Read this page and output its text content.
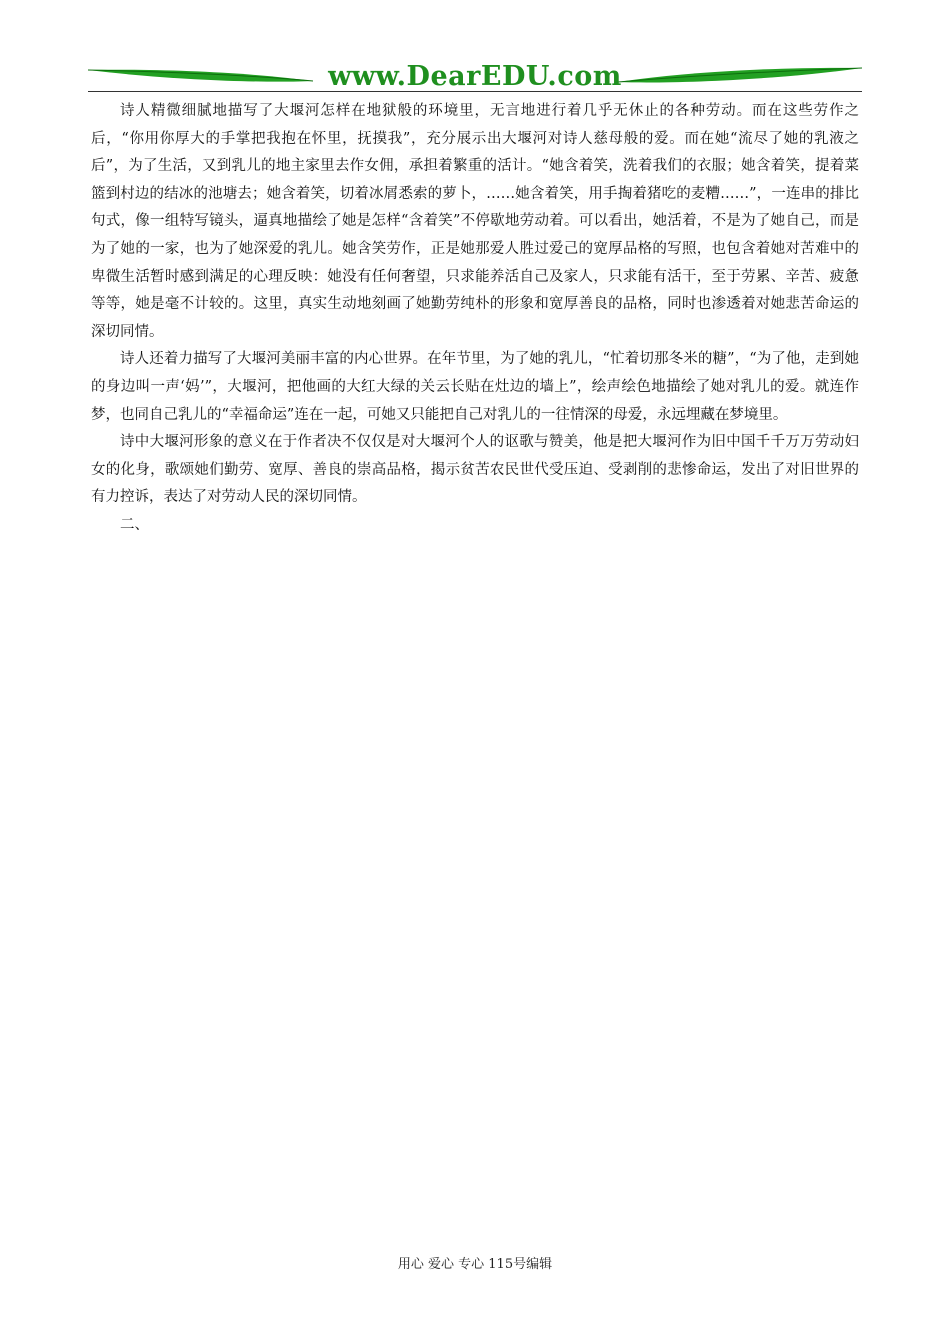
www.DearEDU.com

诗人精微细腻地描写了大堰河怎样在地狱般的环境里，无言地进行着几乎无休止的各种劳动。而在这些劳作之后，“你用你厚大的手掌把我抱在怀里，抚摸我”，充分展示出大堰河对诗人慈母般的爱。而在她“流尽了她的乳液之后”，为了生活，又到乳儿的地主家里去作女佣，承担着繁重的活计。“她含着笑，洗着我们的衣服；她含着笑，提着菜篮到村边的结冰的池塘去；她含着笑，切着冰屑悉索的萝卜，……她含着笑，用手掏着猪吃的麦糟……”，一连串的排比句式，像一组特写镜头，逼真地描绘了她是怎样“含着笑”不停歇地劳动着。可以看出，她活着，不是为了她自己，而是为了她的一家，也为了她深爱的乳儿。她含笑劳作，正是她那爱人胜过爱己的宽厚品格的写照，也包含着她对苦难中的卑微生活暂时感到满足的心理反映：她没有任何奢望，只求能养活自己及家人，只求能有活干，至于劳累、辛苦、疲惫等等，她是毫不计较的。这里，真实生动地刻画了她勤劳纯朴的形象和宽厚善良的品格，同时也渗透着对她悲苦命运的深切同情。

诗人还着力描写了大堰河美丽丰富的内心世界。在年节里，为了她的乳儿，“忙着切那冬米的糖”，“为了他，走到她的身边叫一声‘妈’”，大堰河，把他画的大红大绿的关云长贴在灶边的墙上”，绘声绘色地描绘了她对乳儿的爱。就连作梦，也同自己乳儿的“幸福命运”连在一起，可她又只能把自己对乳儿的一往情深的母爱，永远埋藏在梦境里。

诗中大堰河形象的意义在于作者决不仅仅是对大堰河个人的讴歌与赞美，他是把大堰河作为旧中国千千万万劳动妇女的化身，歌颂她们勤劳、宽厚、善良的崇高品格，揭示贫苦农民世代受压迫、受剥削的悲惨命运，发出了对旧世界的有力控诉，表达了对劳动人民的深切同情。

二、

用心 爱心 专心 115号编辑
